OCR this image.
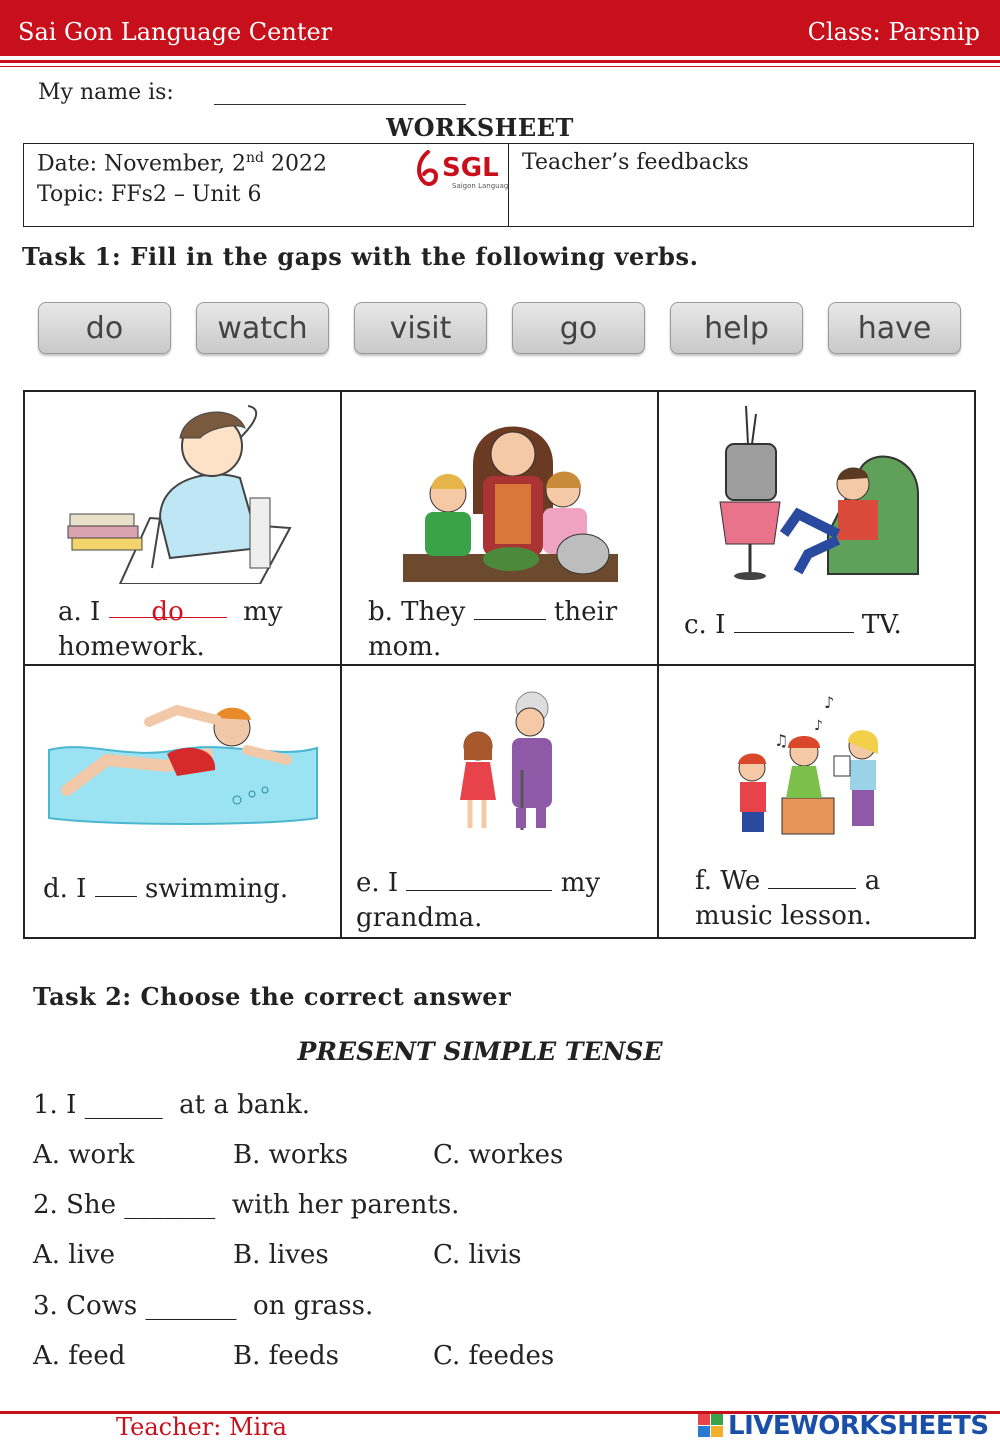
Sai Gon Language Center	Class: Parsnip
My name is:
WORKSHEET
Date: November, 2nd 2022
Topic: FFs2 – Unit 6
SGL
Saigon Language
Teacher’s feedbacks
Task 1: Fill in the gaps with the following verbs.
do	watch	visit	go	help	have
♪
♫
♪
a. I do my
homework.
b. They	their
mom.
c. I	TV.
d. I swimming.	e. I	my
grandma.
f. We	a
music lesson.
Task 2: Choose the correct answer
PRESENT SIMPLE TENSE
1. I ______  at a bank.
A. work	B. works	C. workes
2. She _______  with her parents.
A. live	B. lives	C. livis
3. Cows _______  on grass.
A. feed	B. feeds	C. feedes
Teacher: Mira	LIVEWORKSHEETS
